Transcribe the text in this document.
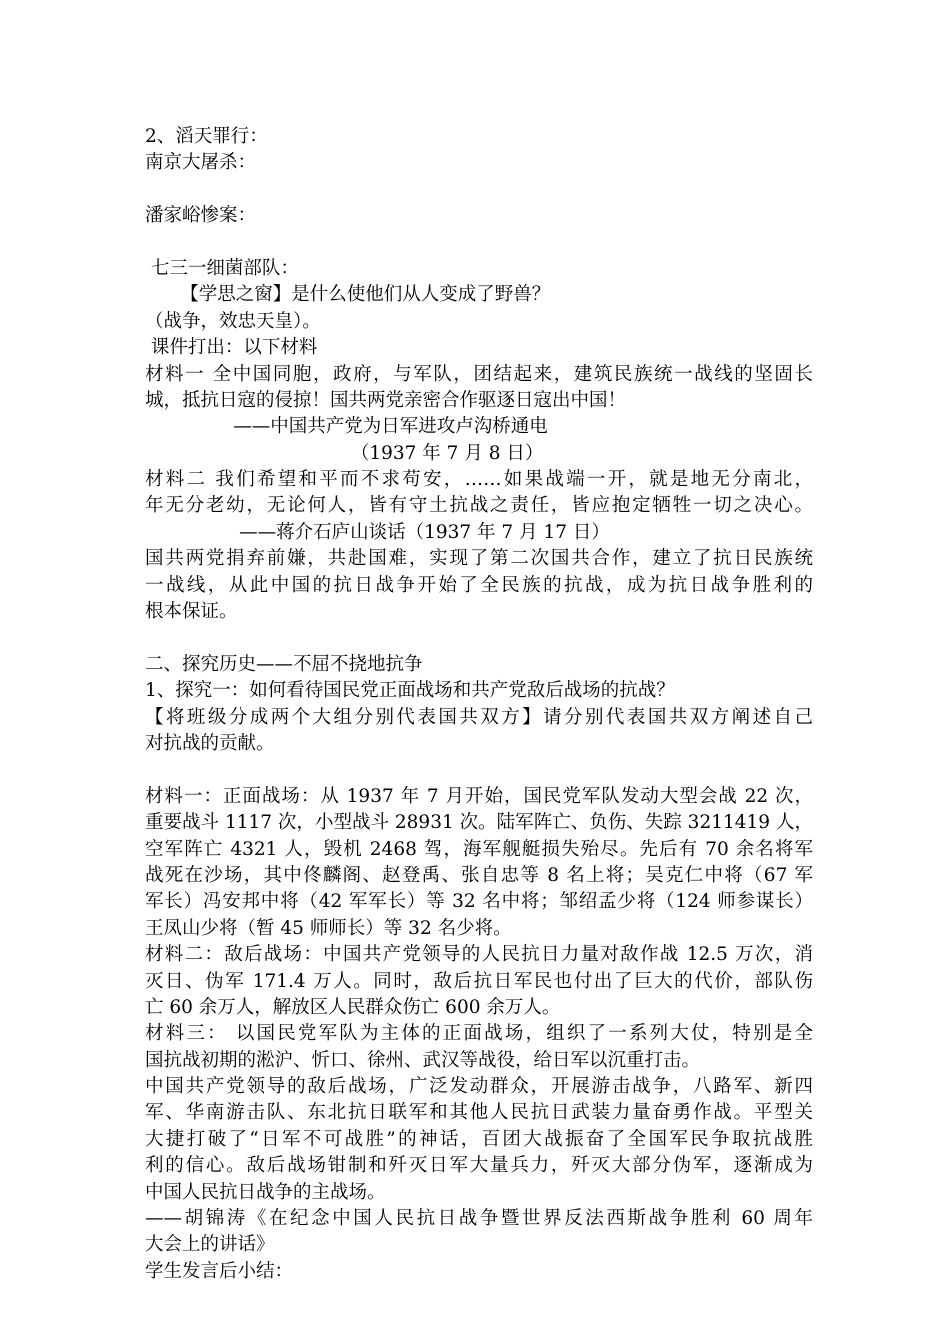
2、滔天罪行：
南京大屠杀：
潘家峪惨案：
七三一细菌部队：
【学思之窗】是什么使他们从人变成了野兽？
（战争，效忠天皇）。
课件打出：以下材料
材料一 全中国同胞，政府，与军队，团结起来，建筑民族统一战线的坚固长
城，抵抗日寇的侵掠！国共两党亲密合作驱逐日寇出中国！
——中国共产党为日军进攻卢沟桥通电
（1937 年 7 月 8 日）
材料二 我们希望和平而不求苟安，……如果战端一开，就是地无分南北，
年无分老幼，无论何人，皆有守土抗战之责任，皆应抱定牺牲一切之决心。
——蒋介石庐山谈话（1937 年 7 月 17 日）
国共两党捐弃前嫌，共赴国难，实现了第二次国共合作，建立了抗日民族统
一战线，从此中国的抗日战争开始了全民族的抗战，成为抗日战争胜利的
根本保证。
二、探究历史——不屈不挠地抗争
1、探究一：如何看待国民党正面战场和共产党敌后战场的抗战？
【将班级分成两个大组分别代表国共双方】请分别代表国共双方阐述自己
对抗战的贡献。
材料一：正面战场：从 1937 年 7 月开始，国民党军队发动大型会战 22 次，
重要战斗 1117 次，小型战斗 28931 次。陆军阵亡、负伤、失踪 3211419 人，
空军阵亡 4321 人，毁机 2468 驾，海军舰艇损失殆尽。先后有 70 余名将军
战死在沙场，其中佟麟阁、赵登禹、张自忠等 8 名上将；吴克仁中将（67 军
军长）冯安邦中将（42 军军长）等 32 名中将；邹绍孟少将（124 师参谋长）
王凤山少将（暂 45 师师长）等 32 名少将。
材料二：敌后战场：中国共产党领导的人民抗日力量对敌作战 12.5 万次，消
灭日、伪军 171.4 万人。同时，敌后抗日军民也付出了巨大的代价，部队伤
亡 60 余万人，解放区人民群众伤亡 600 余万人。
材料三： 以国民党军队为主体的正面战场，组织了一系列大仗，特别是全
国抗战初期的淞沪、忻口、徐州、武汉等战役，给日军以沉重打击。
中国共产党领导的敌后战场，广泛发动群众，开展游击战争，八路军、新四
军、华南游击队、东北抗日联军和其他人民抗日武装力量奋勇作战。平型关
大捷打破了“日军不可战胜”的神话，百团大战振奋了全国军民争取抗战胜
利的信心。敌后战场钳制和歼灭日军大量兵力，歼灭大部分伪军，逐渐成为
中国人民抗日战争的主战场。
——胡锦涛《在纪念中国人民抗日战争暨世界反法西斯战争胜利 60 周年
大会上的讲话》
学生发言后小结：
